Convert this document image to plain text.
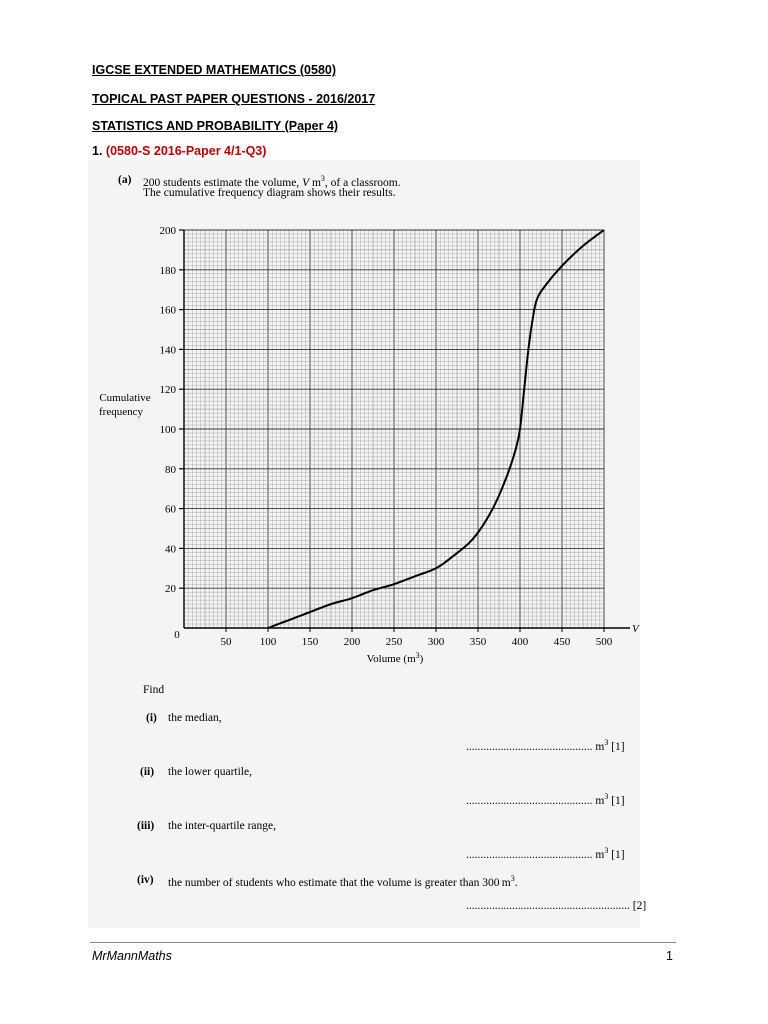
IGCSE EXTENDED MATHEMATICS (0580)
TOPICAL PAST PAPER QUESTIONS - 2016/2017
STATISTICS AND PROBABILITY (Paper 4)
1. (0580-S 2016-Paper 4/1-Q3)
(a) 200 students estimate the volume, V $m^3$, of a classroom.
The cumulative frequency diagram shows their results.
50	100 150 200 250 300 350 400 450 500
20
40
60
80
100
120
140
160
180
200
Cumulative
frequency
0	V
Volume $(m^3)$
Find
(i) the median,
............................................ $m^3$ [1]
(ii) the lower quartile,
............................................ $m^3$ [1]
(iii) the inter-quartile range,
............................................ $m^3$ [1]
(iv) the number of students who estimate that the volume is greater than 300 $m^3$.
......................................................... [2]
MrMannMaths	1
